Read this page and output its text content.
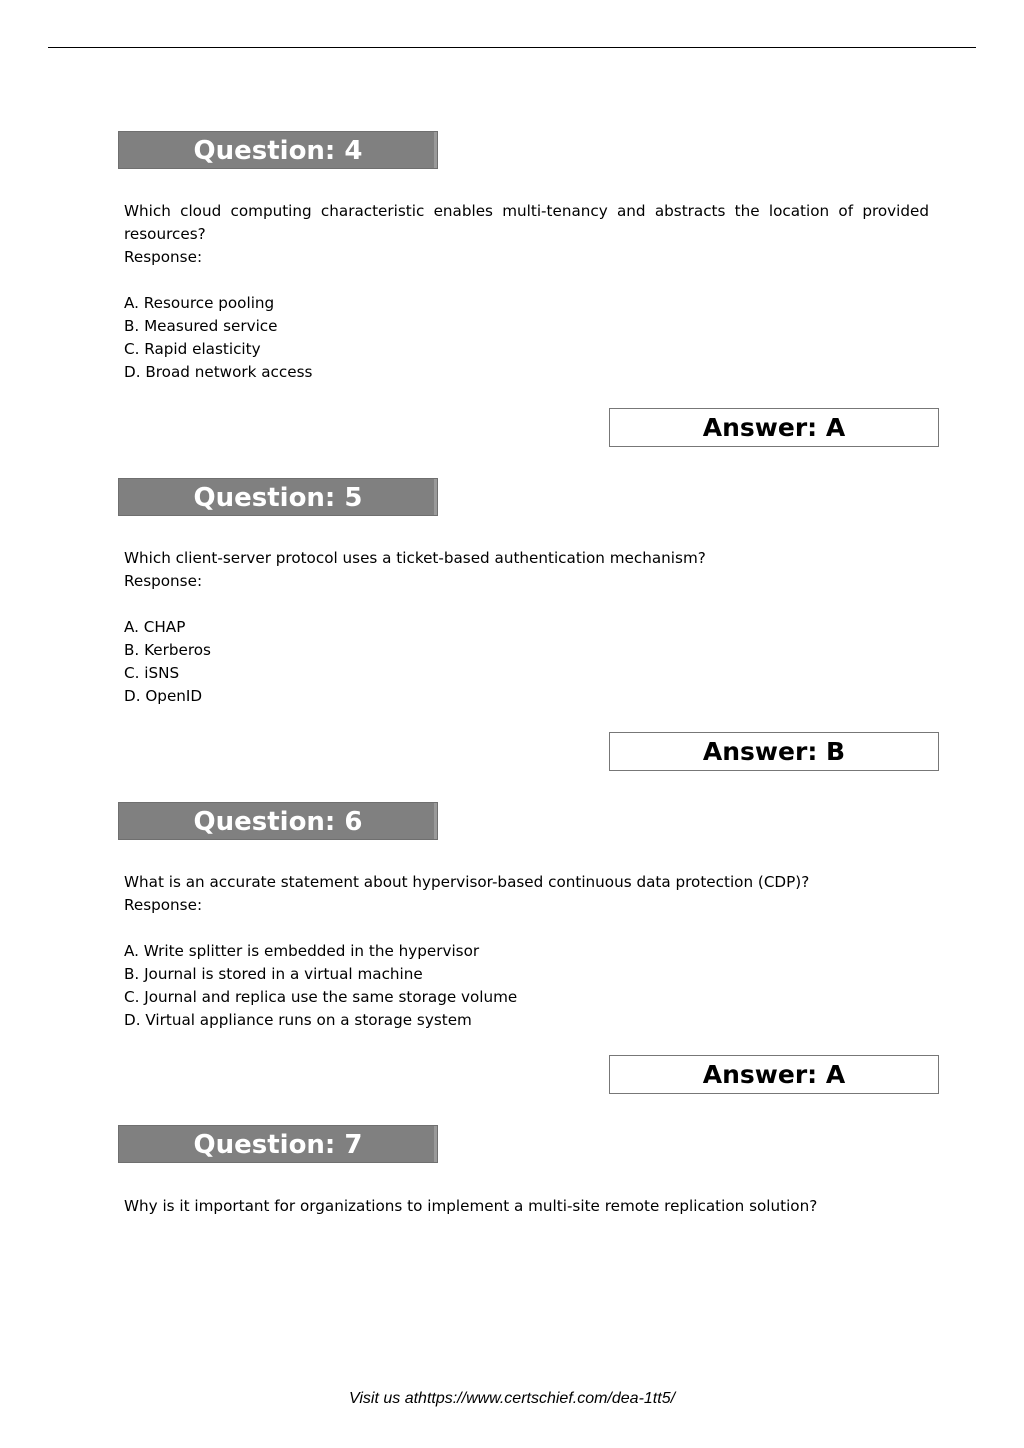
Question: 4

Which cloud computing characteristic enables multi-tenancy and abstracts the location of provided resources?

Response:

A. Resource pooling

B. Measured service

C. Rapid elasticity

D. Broad network access

Answer: A
Question: 5

Which client-server protocol uses a ticket-based authentication mechanism?

Response:

A. CHAP

B. Kerberos

C. iSNS

D. OpenID

Answer: B
Question: 6

What is an accurate statement about hypervisor-based continuous data protection (CDP)?

Response:

A. Write splitter is embedded in the hypervisor

B. Journal is stored in a virtual machine

C. Journal and replica use the same storage volume

D. Virtual appliance runs on a storage system

Answer: A
Question: 7

Why is it important for organizations to implement a multi-site remote replication solution?

Visit us athttps://www.certschief.com/dea-1tt5/
